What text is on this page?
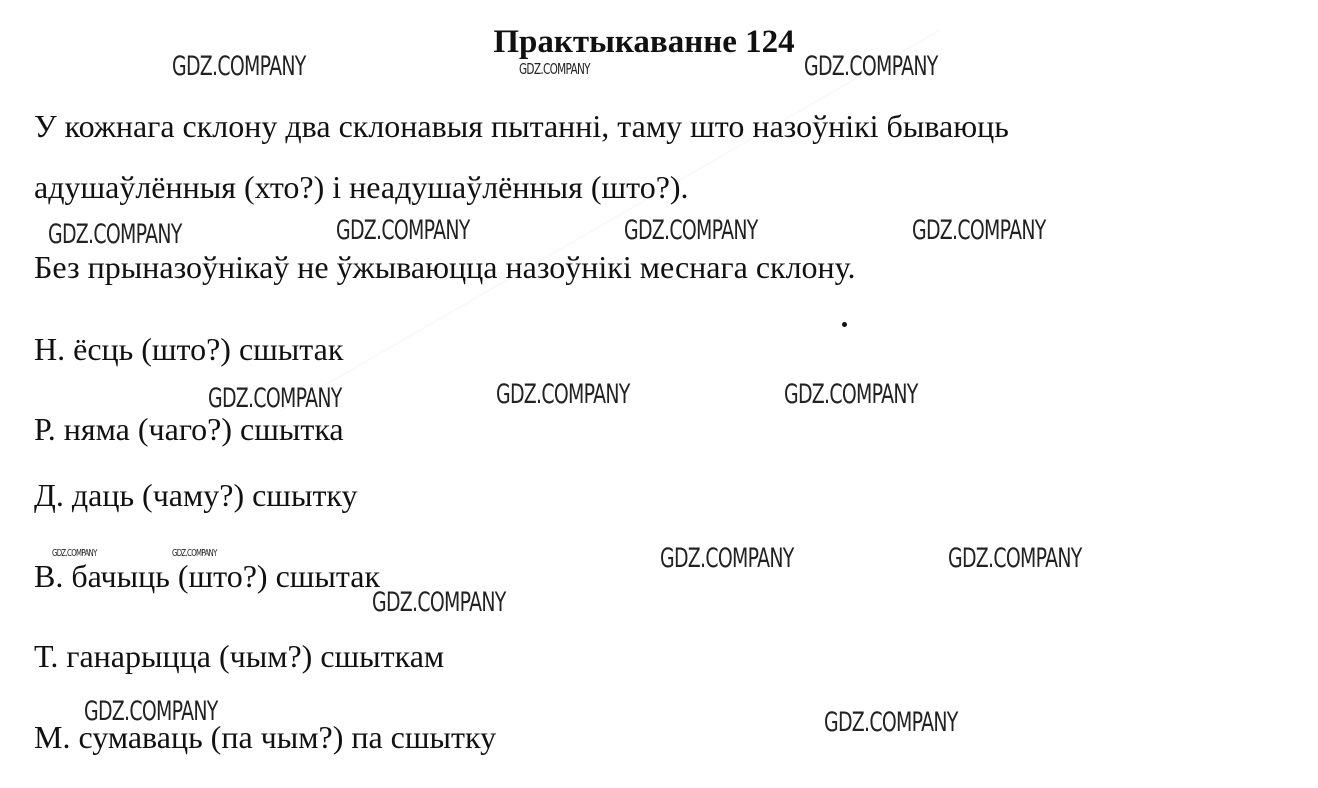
Практыкаванне 124
У кожнага склону два склонавыя пытанні, таму што назоўнікі бываюць
адушаўлённыя (хто?) і неадушаўлённыя (што?).
Без прыназоўнікаў не ўжываюцца назоўнікі меснага склону.
Н. ёсць (што?) сшытак
Р. няма (чаго?) сшытка
Д. даць (чаму?) сшытку
В. бачыць (што?) сшытак
Т. ганарыцца (чым?) сшыткам
М. сумаваць (па чым?) па сшытку
GDZ.COMPANY	GDZ.COMPANY	GDZ.COMPANY
GDZ.COMPANY	GDZ.COMPANY	GDZ.COMPANY	GDZ.COMPANY
GDZ.COMPANY	GDZ.COMPANY	GDZ.COMPANY
GDZ.COMPANY	GDZ.COMPANY	GDZ.COMPANY	GDZ.COMPANY
GDZ.COMPANY
GDZ.COMPANY	GDZ.COMPANY
